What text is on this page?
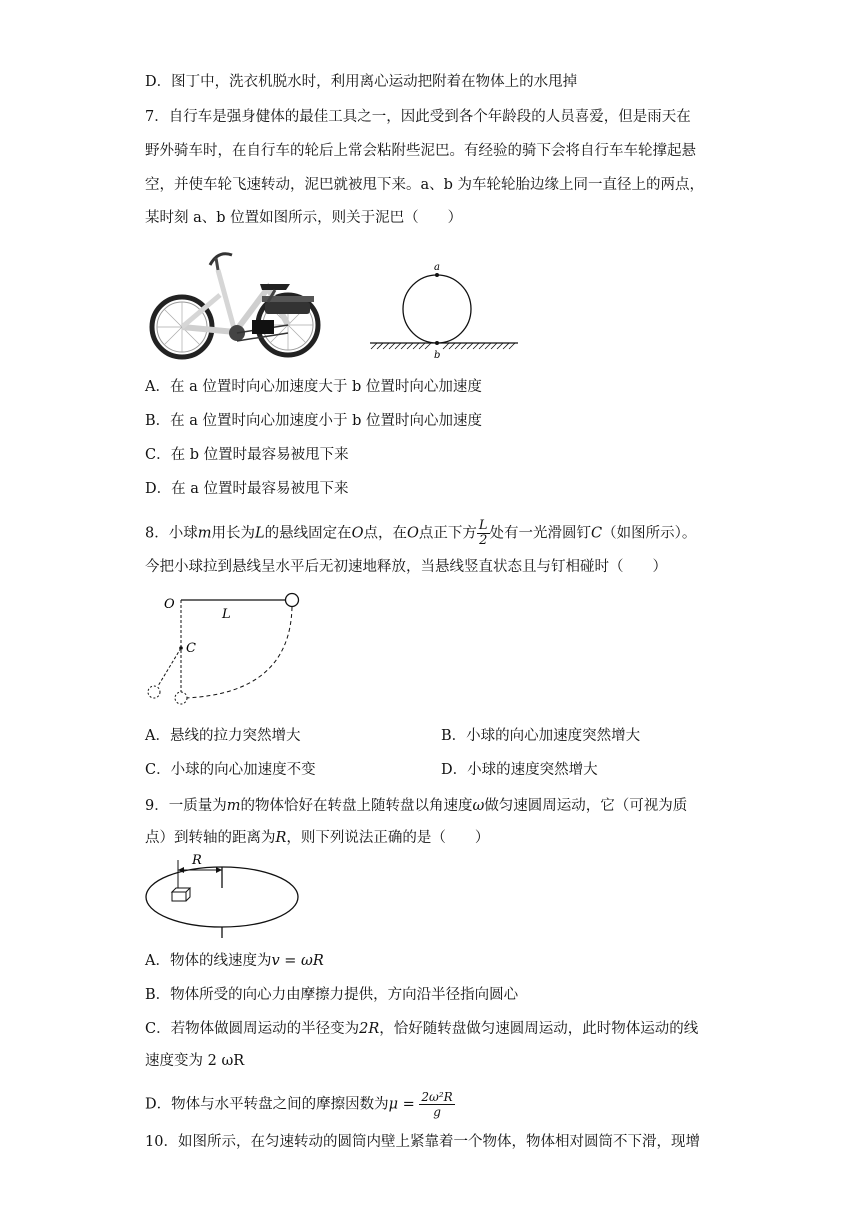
D．图丁中，洗衣机脱水时，利用离心运动把附着在物体上的水甩掉
7．自行车是强身健体的最佳工具之一，因此受到各个年龄段的人员喜爱，但是雨天在
野外骑车时，在自行车的轮后上常会粘附些泥巴。有经验的骑下会将自行车车轮撑起悬
空，并使车轮飞速转动，泥巴就被甩下来。a、b 为车轮轮胎边缘上同一直径上的两点，
某时刻 a、b 位置如图所示，则关于泥巴（　　）
a
b
A．在 a 位置时向心加速度大于 b 位置时向心加速度
B．在 a 位置时向心加速度小于 b 位置时向心加速度
C．在 b 位置时最容易被甩下来
D．在 a 位置时最容易被甩下来
8．小球m用长为L的悬线固定在O点，在O点正下方 $\frac{L}{2}$ 处有一光滑圆钉C（如图所示）。
今把小球拉到悬线呈水平后无初速地释放，当悬线竖直状态且与钉相碰时（　　）
O
L
C
A．悬线的拉力突然增大	B．小球的向心加速度突然增大
C．小球的向心加速度不变	D．小球的速度突然增大
9．一质量为m的物体恰好在转盘上随转盘以角速度ω做匀速圆周运动，它（可视为质
点）到转轴的距离为R，则下列说法正确的是（　　）
R
A．物体的线速度为v = ωR
B．物体所受的向心力由摩擦力提供，方向沿半径指向圆心
C．若物体做圆周运动的半径变为2R，恰好随转盘做匀速圆周运动，此时物体运动的线
速度变为 2 ωR
D．物体与水平转盘之间的摩擦因数为$\mu = \frac{\text{2ω²R}}{g}$
10．如图所示，在匀速转动的圆筒内壁上紧靠着一个物体，物体相对圆筒不下滑，现增
